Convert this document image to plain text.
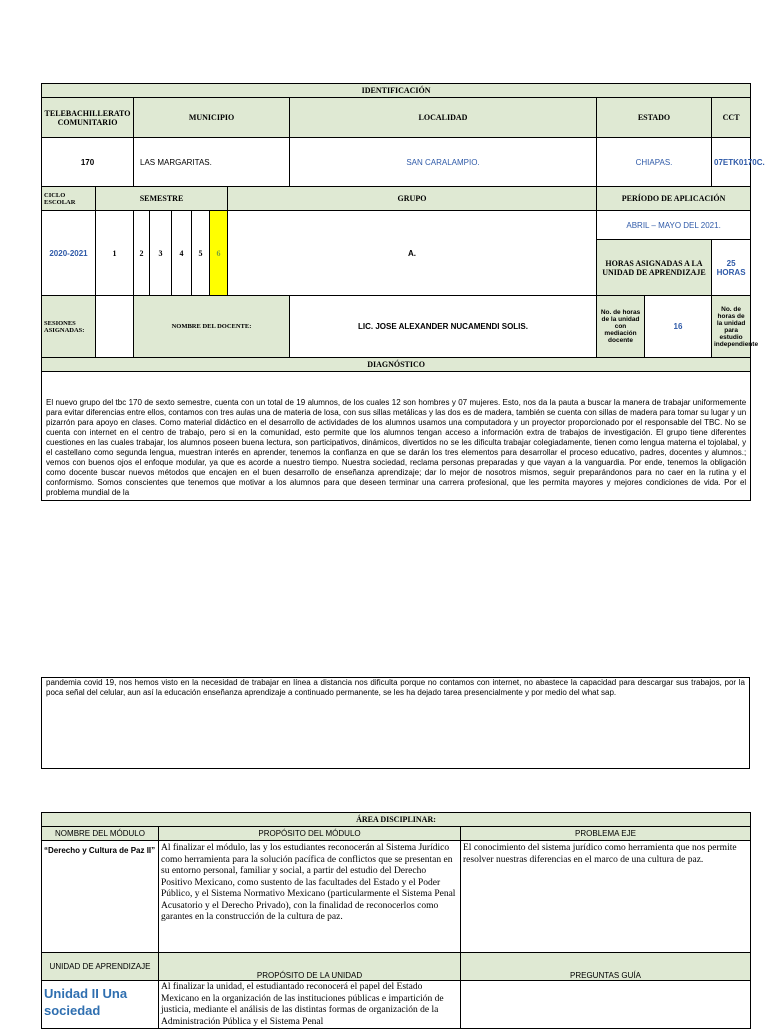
IDENTIFICACIÓN												
TELEBACHILLERATO COMUNITARIO		MUNICIPIO						LOCALIDAD	ESTADO		CCT	
170		LAS MARGARITAS.						SAN CARALAMPIO.	CHIAPAS.		07ETK0170C.	
CICLO ESCOLAR	SEMESTRE						GRUPO		PERÍODO DE APLICACIÓN			
2020-2021	1	2	3	4	5	6	A.		ABRIL – MAYO DEL 2021.			
									HORAS ASIGNADAS A LA UNIDAD DE APRENDIZAJE		25 HORAS	
SESIONES ASIGNADAS:		NOMBRE DEL DOCENTE:						LIC. JOSE ALEXANDER NUCAMENDI SOLIS.	No. de horas de la unidad con mediación docente	16	No. de horas de la unidad para estudio independiente	
DIAGNÓSTICO												
El nuevo grupo del tbc 170 de sexto semestre, cuenta con un total de 19 alumnos, de los cuales 12 son hombres y 07 mujeres. Esto, nos da la pauta a buscar la manera de trabajar uniformemente para evitar diferencias entre ellos, contamos con tres aulas una de materia de losa, con sus sillas metálicas y las dos es de madera, también se cuenta con sillas de madera para tomar su lugar y un pizarrón para apoyo en clases. Como material didáctico en el desarrollo de actividades de los alumnos usamos una computadora y un proyector proporcionado por el responsable del TBC. No se cuenta con internet en el centro de trabajo, pero si en la comunidad, esto permite que los alumnos tengan acceso a información extra de trabajos de investigación. El grupo tiene diferentes cuestiones en las cuales trabajar, los alumnos poseen buena lectura, son participativos, dinámicos, divertidos no se les dificulta trabajar colegiadamente, tienen como lengua materna el tojolabal, y el castellano como segunda lengua, muestran interés en aprender, tenemos la confianza en que se darán los tres elementos para desarrollar el proceso educativo, padres, docentes y alumnos.; vemos con buenos ojos el enfoque modular, ya que es acorde a nuestro tiempo. Nuestra sociedad, reclama personas preparadas y que vayan a la vanguardia. Por ende, tenemos la obligación como docente buscar nuevos métodos que encajen en el buen desarrollo de enseñanza aprendizaje; dar lo mejor de nosotros mismos, seguir preparándonos para no caer en la rutina y el conformismo. Somos conscientes que tenemos que motivar a los alumnos para que deseen terminar una carrera profesional, que les permita mayores y mejores condiciones de vida. Por el problema mundial de la												
pandemia covid 19, nos hemos visto en la necesidad de trabajar en línea a distancia nos dificulta porque no contamos con internet, no abastece la capacidad para descargar sus trabajos, por la poca señal del celular, aun así la educación enseñanza aprendizaje a continuado permanente, se les ha dejado tarea presencialmente y por medio del what sap.
ÁREA DISCIPLINAR:		
NOMBRE DEL MÓDULO	PROPÓSITO DEL MÓDULO	PROBLEMA EJE
“Derecho y Cultura de Paz II”	Al finalizar el módulo, las y los estudiantes reconocerán al Sistema Jurídico como herramienta para la solución pacífica de conflictos que se presentan en su entorno personal, familiar y social, a partir del estudio del Derecho Positivo Mexicano, como sustento de las facultades del Estado y el Poder Público, y el Sistema Normativo Mexicano (particularmente el Sistema Penal Acusatorio y el Derecho Privado), con la finalidad de reconocerlos como garantes en la construcción de la cultura de paz.	El conocimiento del sistema jurídico como herramienta que nos permite resolver nuestras diferencias en el marco de una cultura de paz.
UNIDAD DE APRENDIZAJE	PROPÓSITO DE LA UNIDAD	PREGUNTAS GUÍA
Unidad II Una sociedad	Al finalizar la unidad, el estudiantado reconocerá el papel del Estado Mexicano en la organización de las instituciones públicas e impartición de justicia, mediante el análisis de las distintas formas de organización de la Administración Pública y el Sistema Penal	
